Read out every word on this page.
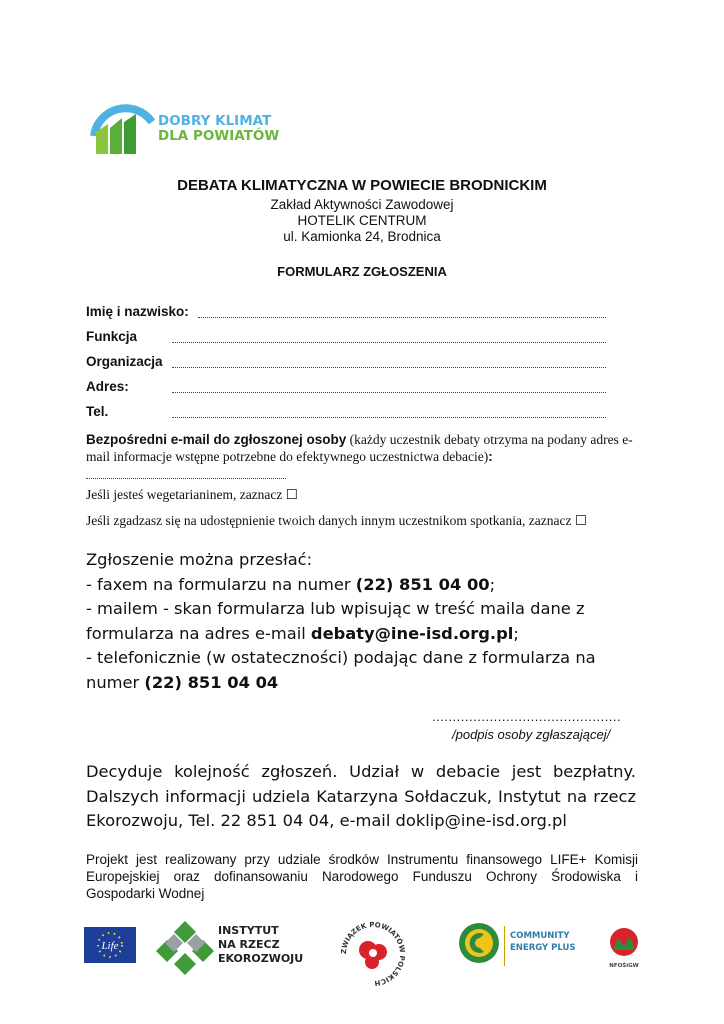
DOBRY KLIMAT
DLA POWIATÓW
DEBATA KLIMATYCZNA W POWIECIE BRODNICKIM
Zakład Aktywności Zawodowej
HOTELIK CENTRUM
ul. Kamionka 24, Brodnica
FORMULARZ ZGŁOSZENIA
Imię i nazwisko:
Funkcja
Organizacja
Adres:
Tel.
Bezpośredni e-mail do zgłoszonej osoby (każdy uczestnik debaty otrzyma na podany adres e-mail informacje wstępne potrzebne do efektywnego uczestnictwa debacie):
Jeśli jesteś wegetarianinem, zaznacz ☐
Jeśli zgadzasz się na udostępnienie twoich danych innym uczestnikom spotkania, zaznacz ☐
Zgłoszenie można przesłać:
- faxem na formularzu na numer (22) 851 04 00;
- mailem - skan formularza lub wpisując w treść maila dane z formularza na adres e-mail debaty@ine-isd.org.pl;
- telefonicznie (w ostateczności) podając dane z formularza na numer (22) 851 04 04
..............................................
/podpis osoby zgłaszającej/
Decyduje kolejność zgłoszeń. Udział w debacie jest bezpłatny. Dalszych informacji udziela Katarzyna Sołdaczuk, Instytut na rzecz Ekorozwoju, Tel. 22 851 04 04, e-mail doklip@ine-isd.org.pl
Projekt jest realizowany przy udziale środków Instrumentu finansowego LIFE+ Komisji Europejskiej oraz dofinansowaniu Narodowego Funduszu Ochrony Środowiska i Gospodarki Wodnej
Life
INSTYTUT
NA RZECZ
EKOROZWOJU
ZWIĄZEK POWIATÓW POLSKICH
COMMUNITY
ENERGY PLUS
NFOŚiGW
